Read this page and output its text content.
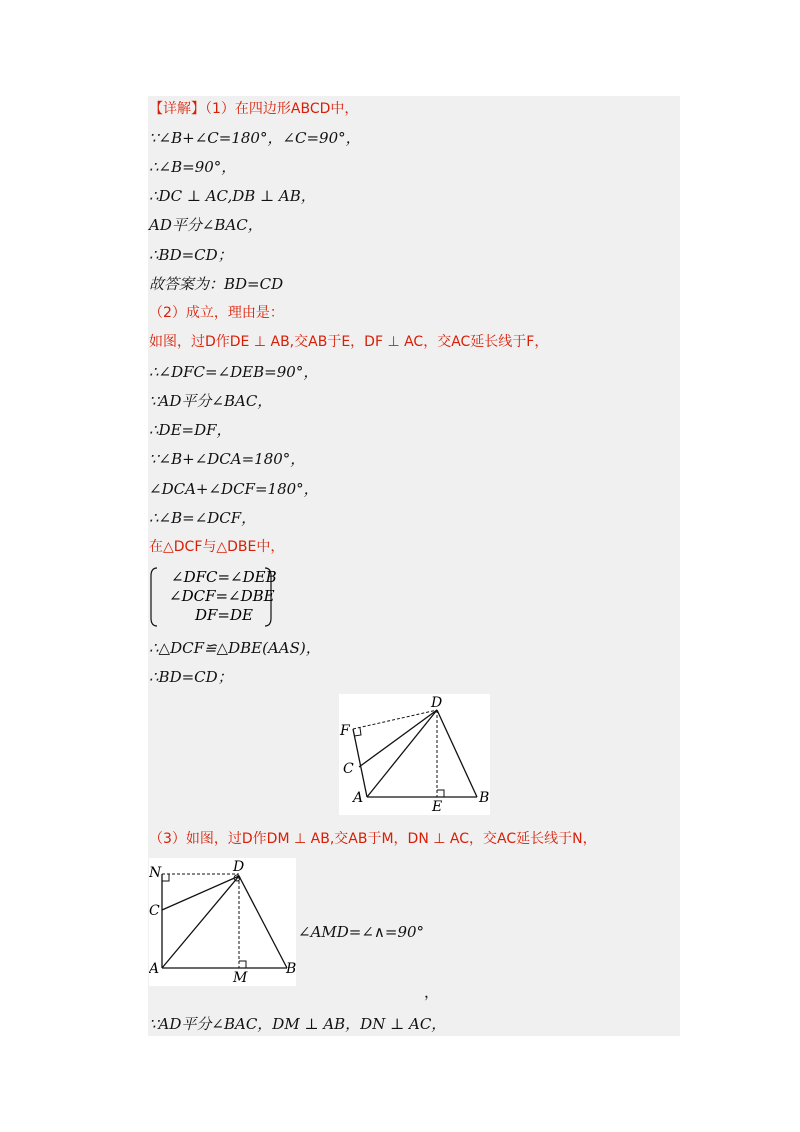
【详解】（1）在四边形ABCD中，
∵∠B+∠C=180°，∠C=90°，
∴∠B=90°，
∴DC ⊥ AC,DB ⊥ AB，
AD平分∠BAC，
∴BD=CD；
故答案为：BD=CD
（2）成立，理由是：
如图，过D作DE ⊥ AB,交AB于E，DF ⊥ AC，交AC延长线于F，
∴∠DFC=∠DEB=90°，
∵AD平分∠BAC，
∴DE=DF，
∵∠B+∠DCA=180°，
∠DCA+∠DCF=180°，
∴∠B=∠DCF，
在△DCF与△DBE中，
∠DFC=∠DEB
∠DCF=∠DBE
DF=DE
∴△DCF≌△DBE(AAS)，
∴BD=CD；
D
F
C
A
E
B
（3）如图，过D作DM ⊥ AB,交AB于M，DN ⊥ AC，交AC延长线于N，
N	D
C
A
M
B
∠AMD=∠∧=90°
，
∵AD平分∠BAC，DM ⊥ AB，DN ⊥ AC，
